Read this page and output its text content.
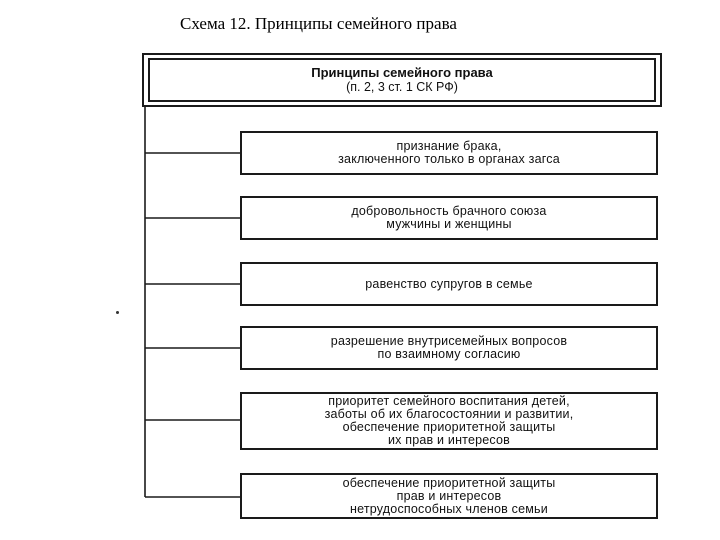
Схема 12. Принципы семейного права
Принципы семейного права
(п. 2, 3 ст. 1 СК РФ)
признание брака,
заключенного только в органах загса
добровольность брачного союза
мужчины и женщины
равенство супругов в семье
разрешение внутрисемейных вопросов
по взаимному согласию
приоритет семейного воспитания детей,
заботы об их благосостоянии и развитии,
обеспечение приоритетной защиты
их прав и интересов
обеспечение приоритетной защиты
прав и интересов
нетрудоспособных членов семьи
